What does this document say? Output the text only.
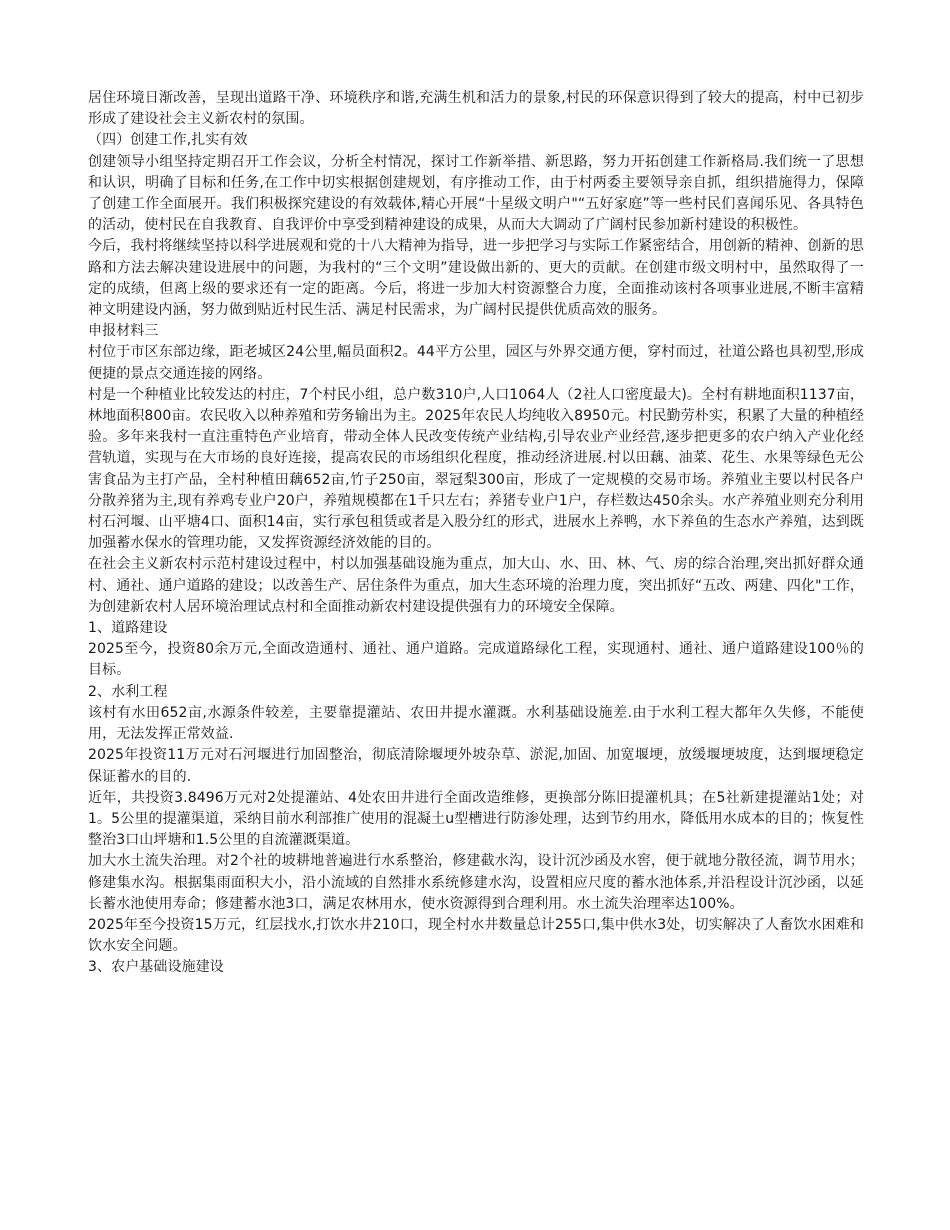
居住环境日渐改善，呈现出道路干净、环境秩序和谐,充满生机和活力的景象,村民的环保意识得到了较大的提高，村中已初步形成了建设社会主义新农村的氛围。

（四）创建工作,扎实有效

创建领导小组坚持定期召开工作会议，分析全村情况，探讨工作新举措、新思路，努力开拓创建工作新格局.我们统一了思想和认识，明确了目标和任务,在工作中切实根据创建规划，有序推动工作，由于村两委主要领导亲自抓，组织措施得力，保障了创建工作全面展开。我们积极探究建设的有效载体,精心开展“十星级文明户"“五好家庭”等一些村民们喜闻乐见、各具特色的活动，使村民在自我教育、自我评价中享受到精神建设的成果，从而大大调动了广阔村民参加新村建设的积极性。

今后，我村将继续坚持以科学进展观和党的十八大精神为指导，进一步把学习与实际工作紧密结合，用创新的精神、创新的思路和方法去解决建设进展中的问题，为我村的“三个文明”建设做出新的、更大的贡献。在创建市级文明村中，虽然取得了一定的成绩，但离上级的要求还有一定的距离。今后，将进一步加大村资源整合力度，全面推动该村各项事业进展,不断丰富精神文明建设内涵，努力做到贴近村民生活、满足村民需求，为广阔村民提供优质高效的服务。

申报材料三

村位于市区东部边缘，距老城区24公里,幅员面积2。44平方公里，园区与外界交通方便，穿村而过，社道公路也具初型,形成便捷的景点交通连接的网络。

村是一个种植业比较发达的村庄，7个村民小组，总户数310户,人口1064人（2社人口密度最大)。全村有耕地面积1137亩，林地面积800亩。农民收入以种养殖和劳务输出为主。2025年农民人均纯收入8950元。村民勤劳朴实，积累了大量的种植经验。多年来我村一直注重特色产业培育，带动全体人民改变传统产业结构,引导农业产业经营,逐步把更多的农户纳入产业化经营轨道，实现与在大市场的良好连接，提高农民的市场组织化程度，推动经济进展.村以田藕、油菜、花生、水果等绿色无公害食品为主打产品，全村种植田藕652亩,竹子250亩，翠冠梨300亩，形成了一定规模的交易市场。养殖业主要以村民各户分散养猪为主,现有养鸡专业户20户，养殖规模都在1千只左右；养猪专业户1户，存栏数达450余头。水产养殖业则充分利用村石河堰、山平塘4口、面积14亩，实行承包租赁或者是入股分红的形式，进展水上养鸭，水下养鱼的生态水产养殖，达到既加强蓄水保水的管理功能，又发挥资源经济效能的目的。

在社会主义新农村示范村建设过程中，村以加强基础设施为重点，加大山、水、田、林、气、房的综合治理,突出抓好群众通村、通社、通户道路的建设；以改善生产、居住条件为重点，加大生态环境的治理力度，突出抓好“五改、两建、四化"工作，为创建新农村人居环境治理试点村和全面推动新农村建设提供强有力的环境安全保障。

1、道路建设

2025至今，投资80余万元,全面改造通村、通社、通户道路。完成道路绿化工程，实现通村、通社、通户道路建设100％的目标。

2、水利工程

该村有水田652亩,水源条件较差，主要靠提灌站、农田井提水灌溉。水利基础设施差.由于水利工程大都年久失修，不能使用，无法发挥正常效益.

2025年投资11万元对石河堰进行加固整治，彻底清除堰埂外坡杂草、淤泥,加固、加宽堰埂，放缓堰埂坡度，达到堰埂稳定保证蓄水的目的.

近年，共投资3.8496万元对2处提灌站、4处农田井进行全面改造维修，更换部分陈旧提灌机具；在5社新建提灌站1处；对1。5公里的提灌渠道，采纳目前水利部推广使用的混凝土u型槽进行防渗处理，达到节约用水，降低用水成本的目的；恢复性整治3口山坪塘和1.5公里的自流灌溉渠道。

加大水土流失治理。对2个社的坡耕地普遍进行水系整治，修建截水沟，设计沉沙函及水窖，便于就地分散径流，调节用水；修建集水沟。根据集雨面积大小，沿小流域的自然排水系统修建水沟，设置相应尺度的蓄水池体系,并沿程设计沉沙函，以延长蓄水池使用寿命；修建蓄水池3口，满足农林用水，使水资源得到合理利用。水土流失治理率达100%。

2025年至今投资15万元，红层找水,打饮水井210口，现全村水井数量总计255口,集中供水3处，切实解决了人畜饮水困难和饮水安全问题。

3、农户基础设施建设
